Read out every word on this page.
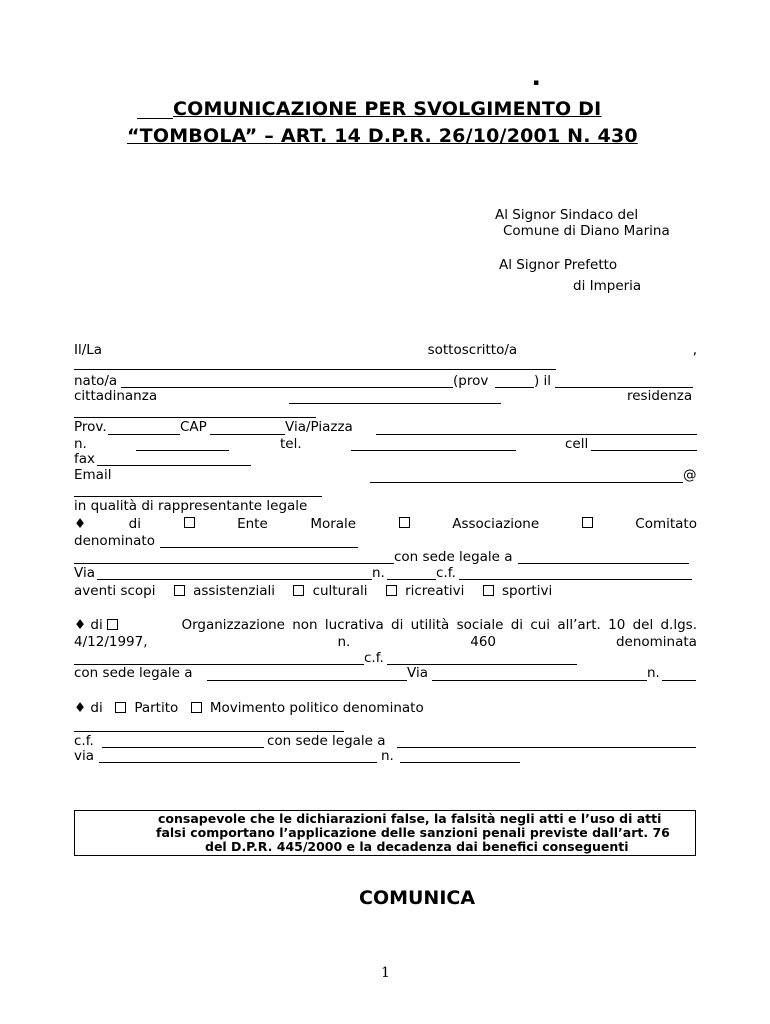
▪
COMUNICAZIONE PER SVOLGIMENTO DI
“TOMBOLA” – ART. 14 D.P.R. 26/10/2001 N. 430
Al Signor Sindaco del
Comune di Diano Marina
Al Signor Prefetto
di Imperia
Il/La	sottoscritto/a	,
nato/a	(prov	) il
cittadinanza	residenza
Prov.	CAP	Via/Piazza
n.	tel.	cell
fax
Email	@
in qualità di rappresentante legale
♦	di	Ente	Morale	Associazione	Comitato
denominato
con sede legale a
Via	n.	c.f.
aventi scopi	assistenziali	culturali	ricreativi	sportivi
♦ di	Organizzazione non lucrativa di utilità sociale di cui all’art. 10 del d.lgs.
4/12/1997,	n.	460	denominata
c.f.
con sede legale a	Via	n.
♦ di Partito Movimento politico denominato
c.f.	con sede legale a
via	n.
consapevole che le dichiarazioni false, la falsità negli atti e l’uso di atti
falsi comportano l’applicazione delle sanzioni penali previste dall’art. 76
del D.P.R. 445/2000 e la decadenza dai benefici conseguenti
COMUNICA
1
